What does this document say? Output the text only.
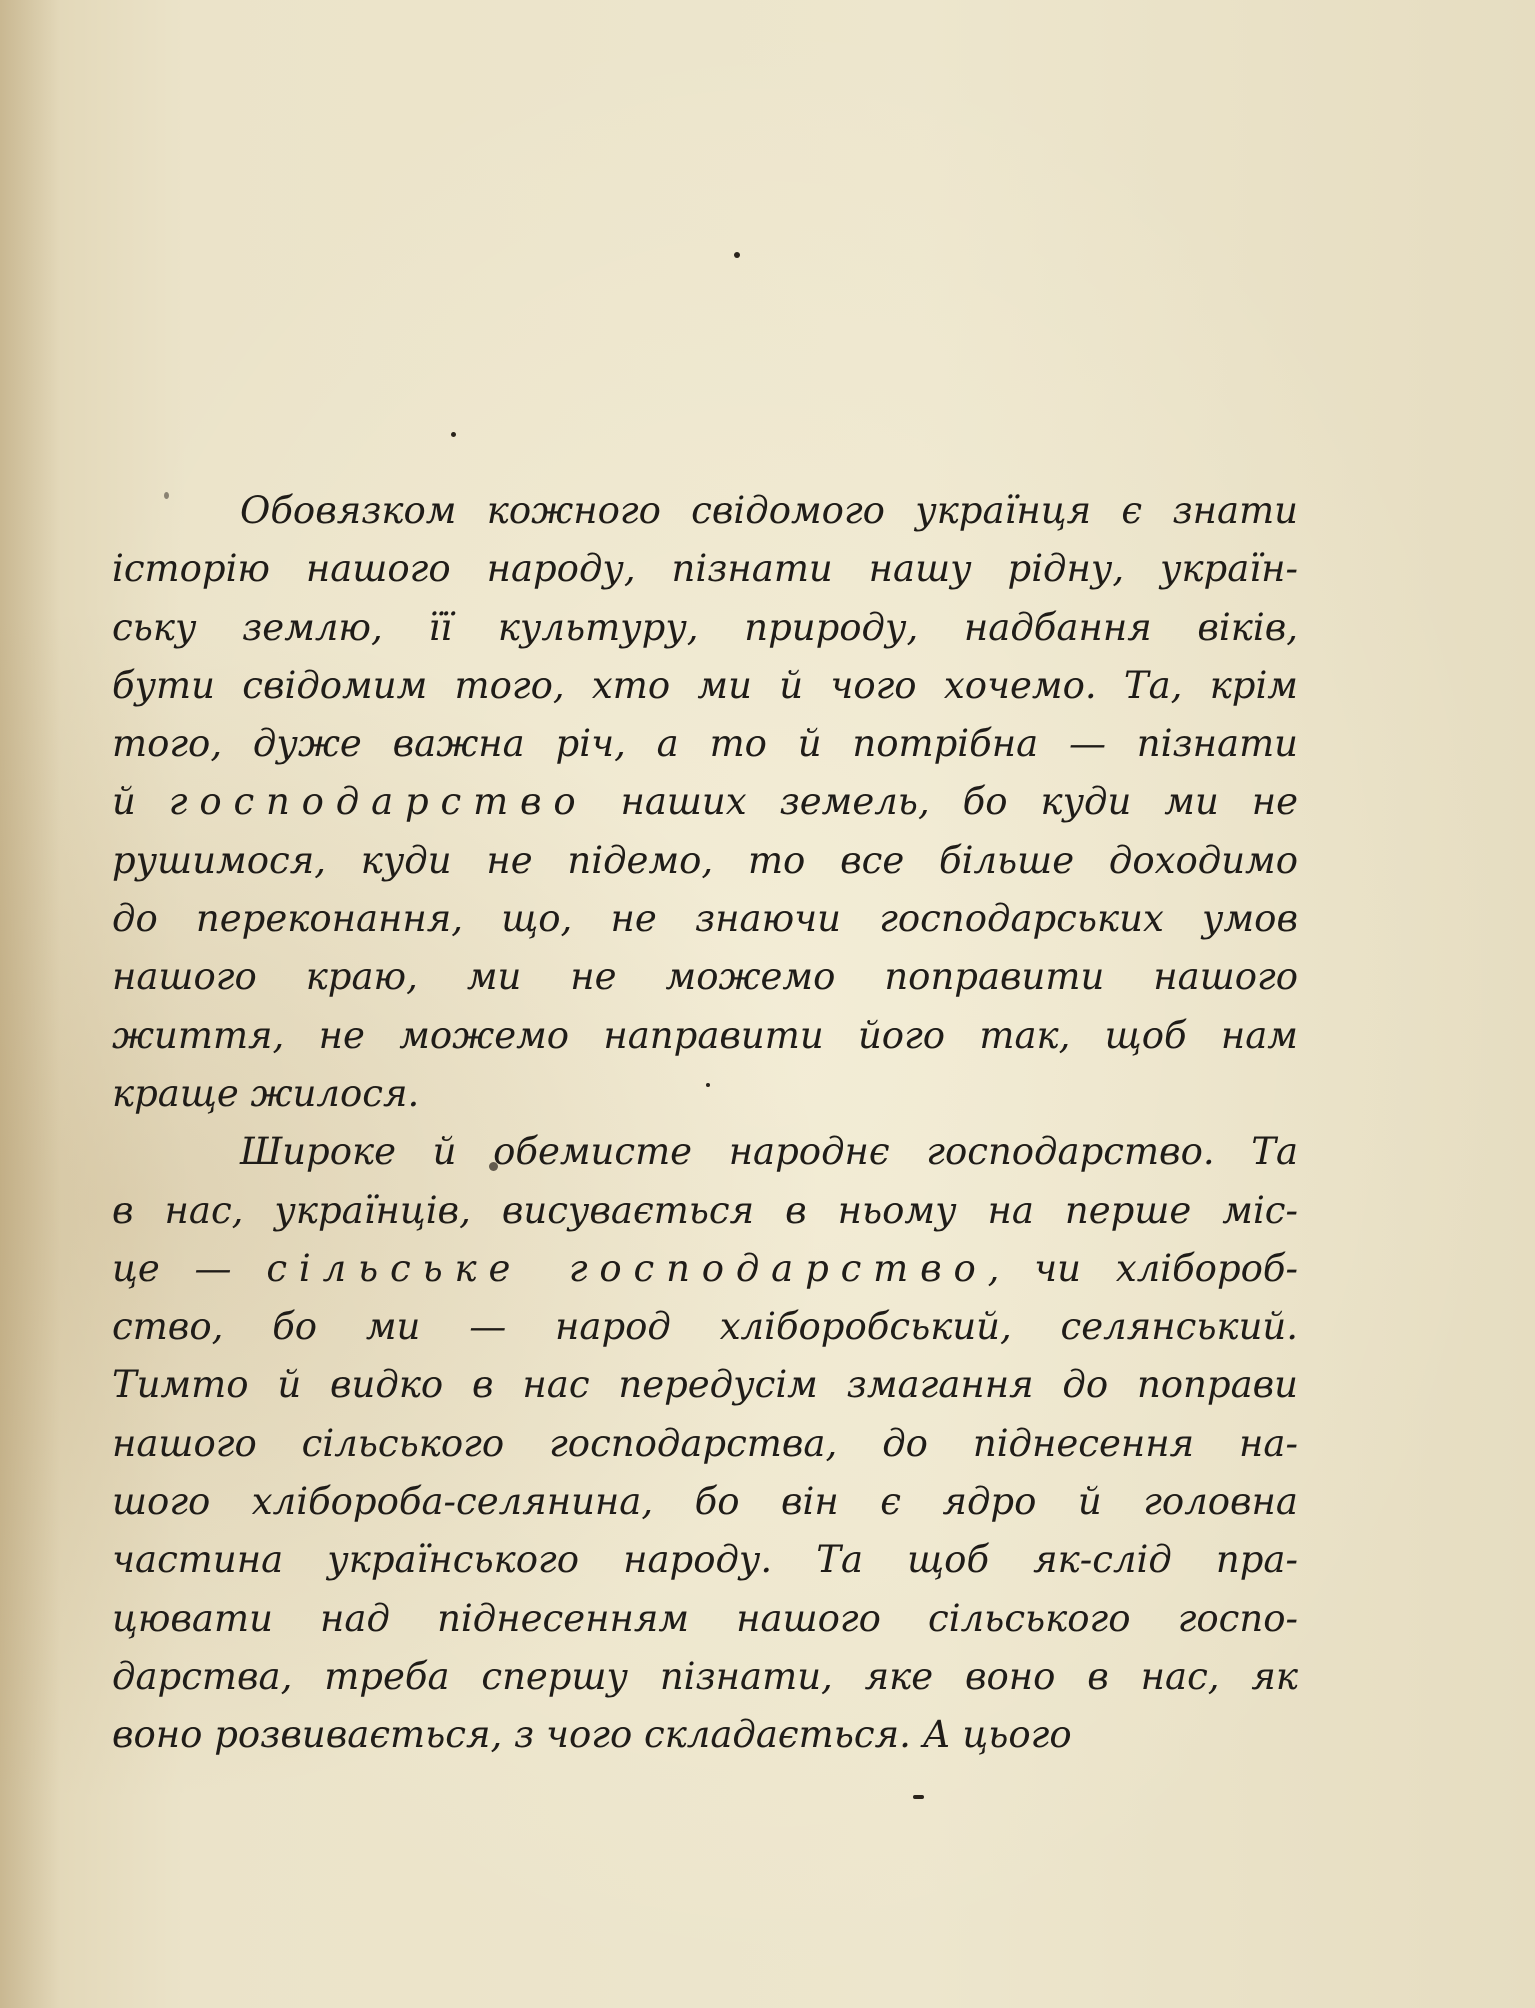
Обовязком кожного свідомого українця є знати
історію нашого народу, пізнати нашу рідну, україн-
ську землю, її культуру, природу, надбання віків,
бути свідомим того, хто ми й чого хочемо. Та, крім
того, дуже важна річ, а то й потрібна — пізнати
й господарство наших земель, бо куди ми не
рушимося, куди не підемо, то все більше доходимо
до переконання, що, не знаючи господарських умов
нашого краю, ми не можемо поправити нашого
життя, не можемо направити його так, щоб нам
краще жилося.
Широке й обемисте народнє господарство. Та
в нас, українців, висувається в ньому на перше міс-
це — сільське господарство, чи хлібороб-
ство, бо ми — народ хліборобський, селянський.
Тимто й видко в нас передусім змагання до поправи
нашого сільського господарства, до піднесення на-
шого хлібороба-селянина, бо він є ядро й головна
частина українського народу. Та щоб як-слід пра-
цювати над піднесенням нашого сільського госпо-
дарства, треба спершу пізнати, яке воно в нас, як
воно розвивається, з чого складається. А цього
